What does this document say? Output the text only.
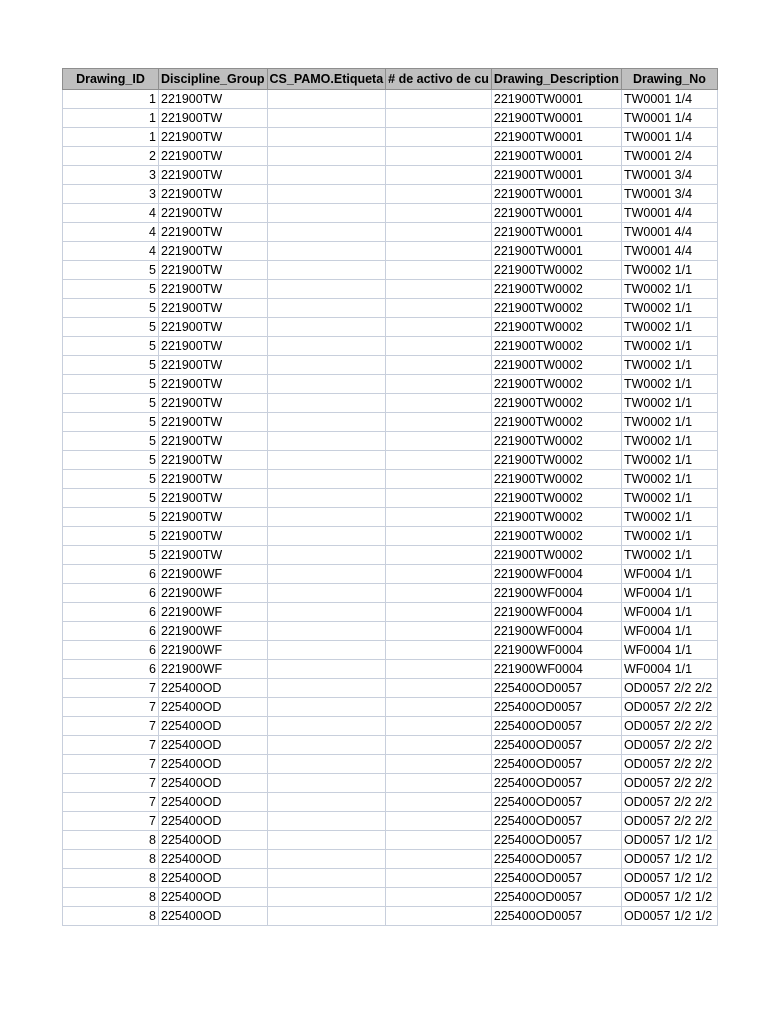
Drawing_ID	Discipline_Group	CS_PAMO.Etiqueta	# de activo de cu	Drawing_Description	Drawing_No
1	221900TW			221900TW0001	TW0001 1/4
1	221900TW			221900TW0001	TW0001 1/4
1	221900TW			221900TW0001	TW0001 1/4
2	221900TW			221900TW0001	TW0001 2/4
3	221900TW			221900TW0001	TW0001 3/4
3	221900TW			221900TW0001	TW0001 3/4
4	221900TW			221900TW0001	TW0001 4/4
4	221900TW			221900TW0001	TW0001 4/4
4	221900TW			221900TW0001	TW0001 4/4
5	221900TW			221900TW0002	TW0002 1/1
5	221900TW			221900TW0002	TW0002 1/1
5	221900TW			221900TW0002	TW0002 1/1
5	221900TW			221900TW0002	TW0002 1/1
5	221900TW			221900TW0002	TW0002 1/1
5	221900TW			221900TW0002	TW0002 1/1
5	221900TW			221900TW0002	TW0002 1/1
5	221900TW			221900TW0002	TW0002 1/1
5	221900TW			221900TW0002	TW0002 1/1
5	221900TW			221900TW0002	TW0002 1/1
5	221900TW			221900TW0002	TW0002 1/1
5	221900TW			221900TW0002	TW0002 1/1
5	221900TW			221900TW0002	TW0002 1/1
5	221900TW			221900TW0002	TW0002 1/1
5	221900TW			221900TW0002	TW0002 1/1
5	221900TW			221900TW0002	TW0002 1/1
6	221900WF			221900WF0004	WF0004 1/1
6	221900WF			221900WF0004	WF0004 1/1
6	221900WF			221900WF0004	WF0004 1/1
6	221900WF			221900WF0004	WF0004 1/1
6	221900WF			221900WF0004	WF0004 1/1
6	221900WF			221900WF0004	WF0004 1/1
7	225400OD			225400OD0057	OD0057 2/2 2/2
7	225400OD			225400OD0057	OD0057 2/2 2/2
7	225400OD			225400OD0057	OD0057 2/2 2/2
7	225400OD			225400OD0057	OD0057 2/2 2/2
7	225400OD			225400OD0057	OD0057 2/2 2/2
7	225400OD			225400OD0057	OD0057 2/2 2/2
7	225400OD			225400OD0057	OD0057 2/2 2/2
7	225400OD			225400OD0057	OD0057 2/2 2/2
8	225400OD			225400OD0057	OD0057 1/2 1/2
8	225400OD			225400OD0057	OD0057 1/2 1/2
8	225400OD			225400OD0057	OD0057 1/2 1/2
8	225400OD			225400OD0057	OD0057 1/2 1/2
8	225400OD			225400OD0057	OD0057 1/2 1/2
